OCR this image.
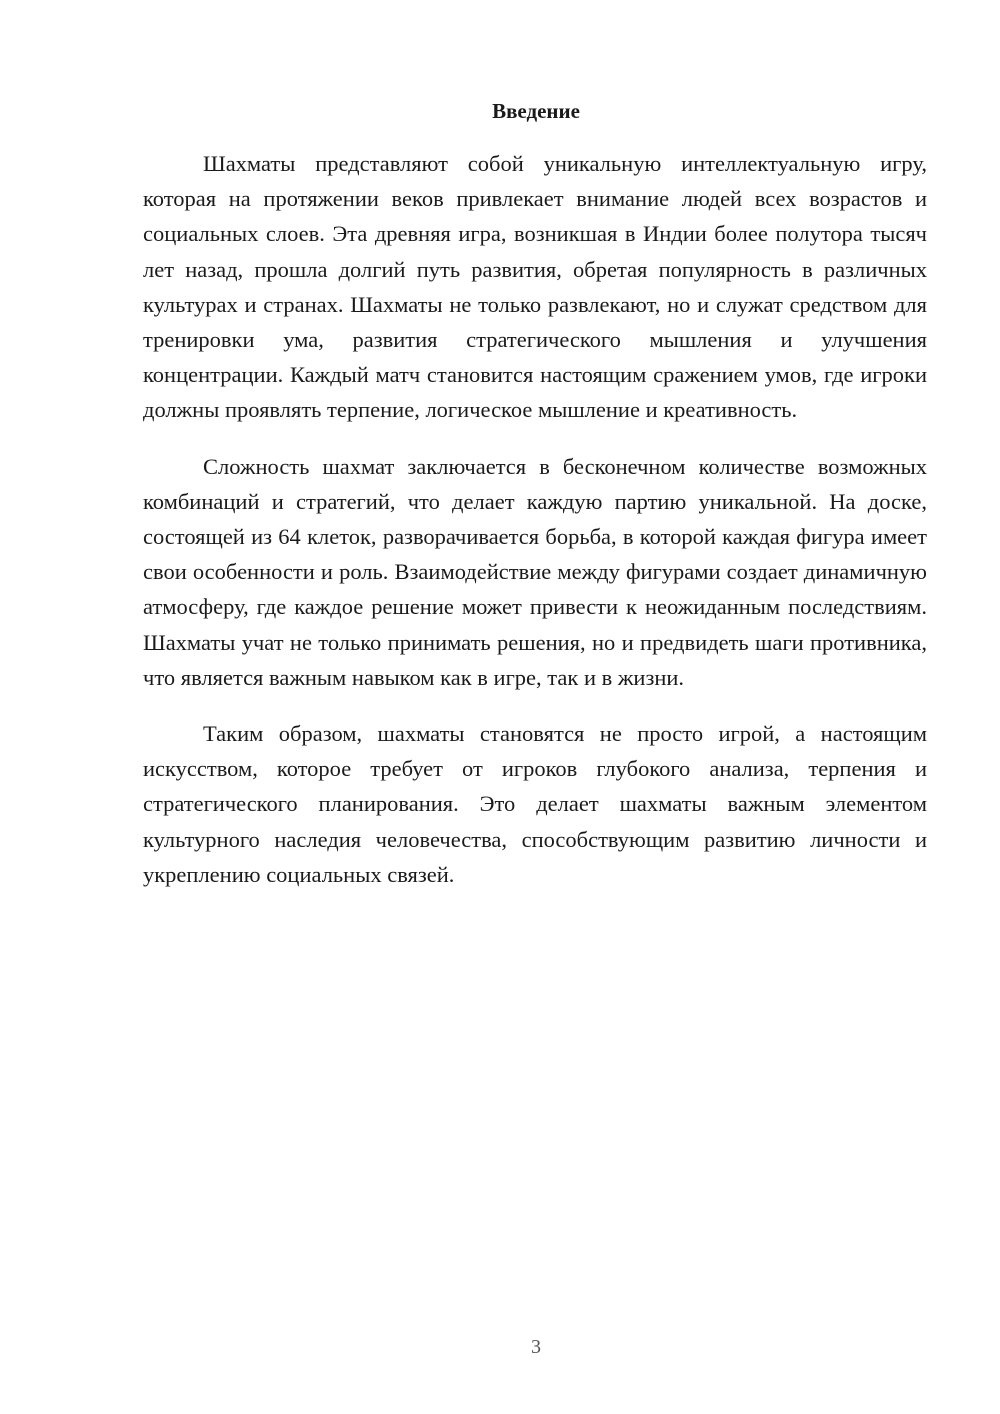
Введение

Шахматы представляют собой уникальную интеллектуальную игру, которая на протяжении веков привлекает внимание людей всех возрастов и социальных слоев. Эта древняя игра, возникшая в Индии более полутора тысяч лет назад, прошла долгий путь развития, обретая популярность в различных культурах и странах. Шахматы не только развлекают, но и служат средством для тренировки ума, развития стратегического мышления и улучшения концентрации. Каждый матч становится настоящим сражением умов, где игроки должны проявлять терпение, логическое мышление и креативность.

Сложность шахмат заключается в бесконечном количестве возможных комбинаций и стратегий, что делает каждую партию уникальной. На доске, состоящей из 64 клеток, разворачивается борьба, в которой каждая фигура имеет свои особенности и роль. Взаимодействие между фигурами создает динамичную атмосферу, где каждое решение может привести к неожиданным последствиям. Шахматы учат не только принимать решения, но и предвидеть шаги противника, что является важным навыком как в игре, так и в жизни.

Таким образом, шахматы становятся не просто игрой, а настоящим искусством, которое требует от игроков глубокого анализа, терпения и стратегического планирования. Это делает шахматы важным элементом культурного наследия человечества, способствующим развитию личности и укреплению социальных связей.

3
